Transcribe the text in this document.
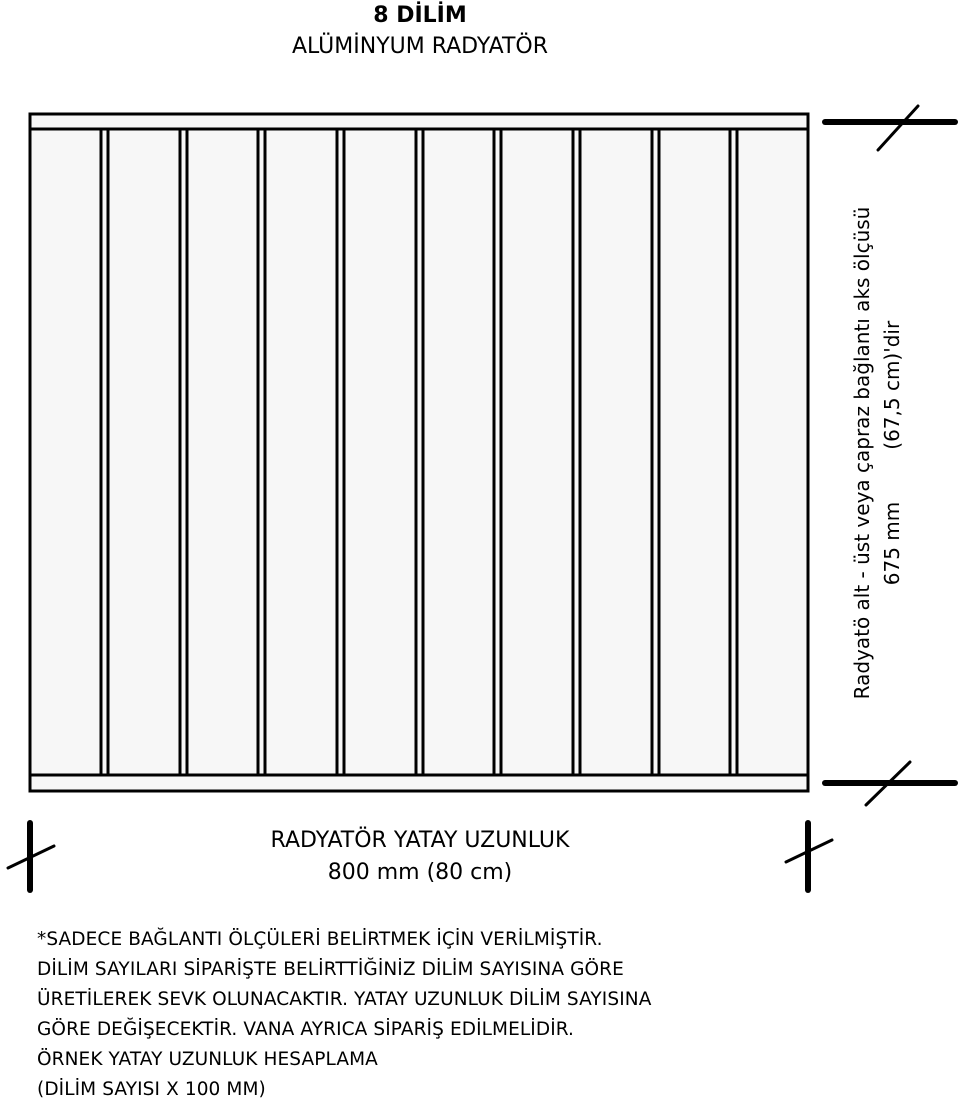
8 DİLİM
ALÜMİNYUM RADYATÖR
Radyatö alt - üst veya çapraz bağlantı aks ölçüsü 675 mm
(67,5 cm)'dir
RADYATÖR YATAY UZUNLUK
800 mm (80 cm)
*SADECE BAĞLANTI ÖLÇÜLERİ BELİRTMEK İÇİN VERİLMİŞTİR.
DİLİM SAYILARI SİPARİŞTE BELİRTTİĞİNİZ DİLİM SAYISINA GÖRE
ÜRETİLEREK SEVK OLUNACAKTIR. YATAY UZUNLUK DİLİM SAYISINA
GÖRE DEĞİŞECEKTİR. VANA AYRICA SİPARİŞ EDİLMELİDİR.
ÖRNEK YATAY UZUNLUK HESAPLAMA
(DİLİM SAYISI X 100 MM)
